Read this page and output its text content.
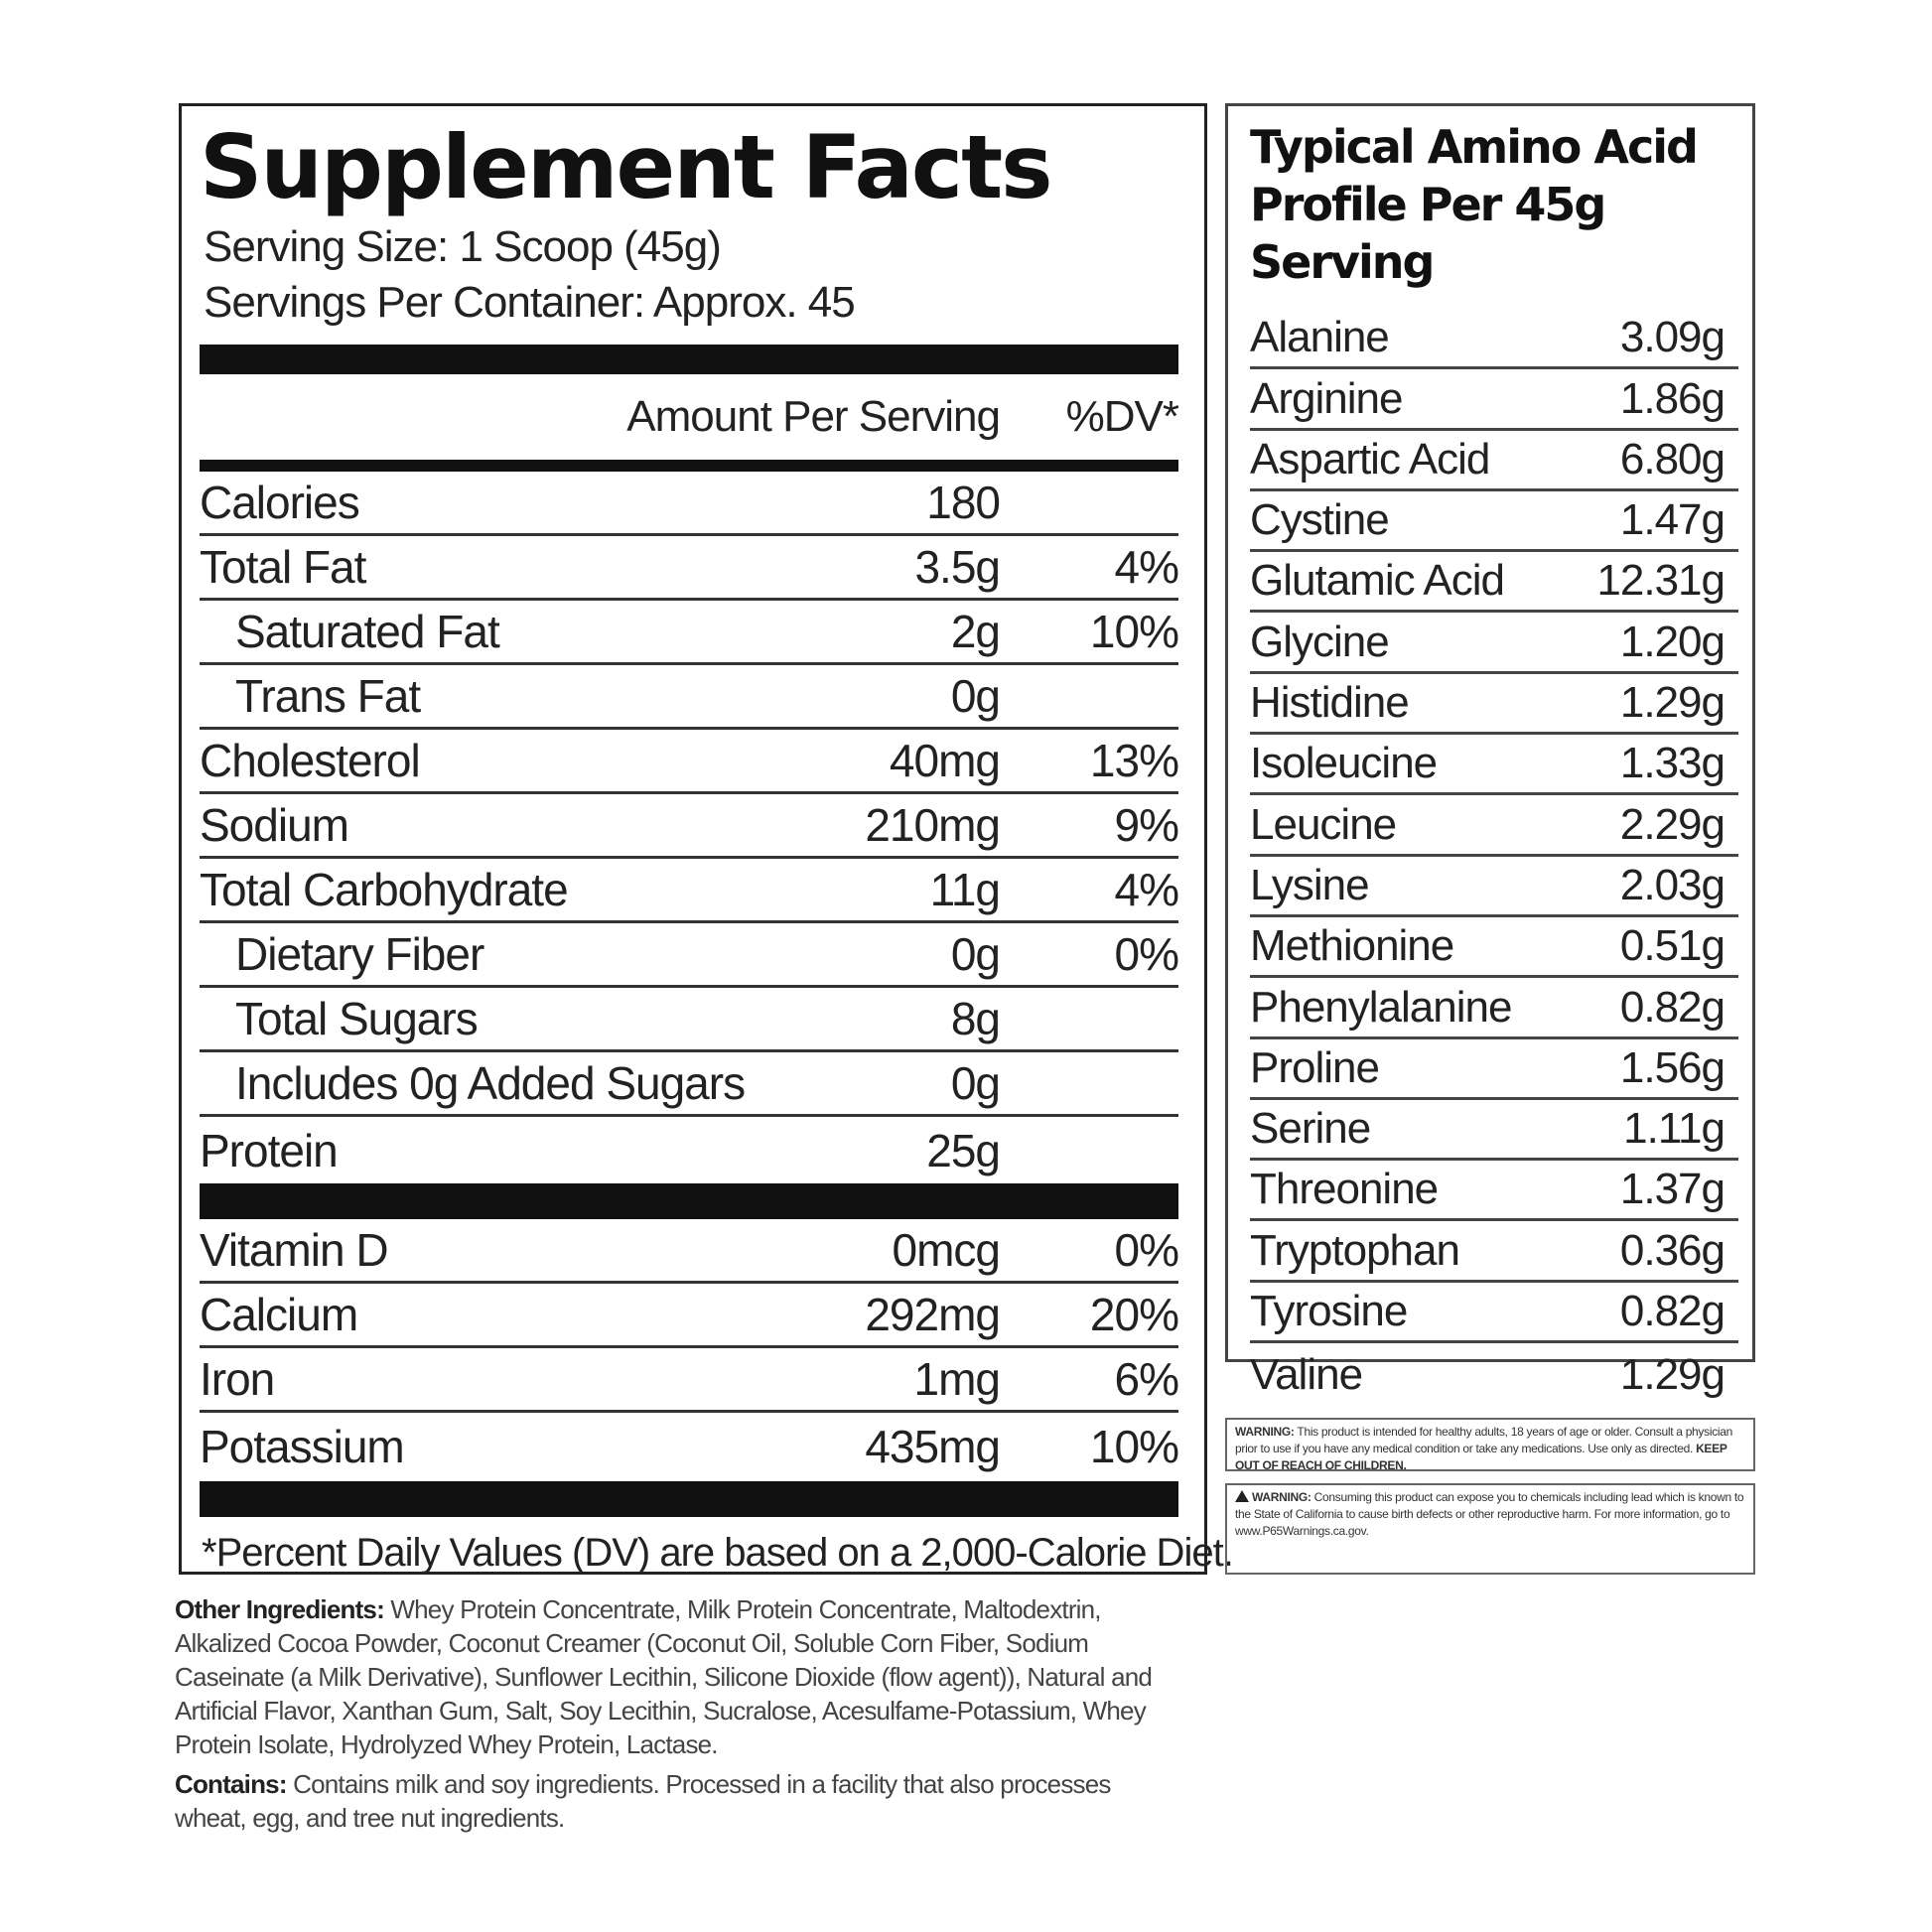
Supplement Facts
Serving Size: 1 Scoop (45g)
Servings Per Container: Approx. 45
Amount Per Serving	%DV*
Calories	180
Total Fat	3.5g	4%
Saturated Fat	2g	10%
Trans Fat	0g
Cholesterol	40mg	13%
Sodium	210mg	9%
Total Carbohydrate	11g	4%
Dietary Fiber	0g	0%
Total Sugars	8g
Includes 0g Added Sugars	0g
Protein	25g
Vitamin D	0mcg	0%
Calcium	292mg	20%
Iron	1mg	6%
Potassium	435mg	10%
*Percent Daily Values (DV) are based on a 2,000-Calorie Diet.
Typical Amino Acid
Profile Per 45g Serving
Alanine	3.09g
Arginine	1.86g
Aspartic Acid	6.80g
Cystine	1.47g
Glutamic Acid 12.31g
Glycine	1.20g
Histidine	1.29g
Isoleucine	1.33g
Leucine	2.29g
Lysine	2.03g
Methionine	0.51g
Phenylalanine 0.82g
Proline	1.56g
Serine	1.11g
Threonine	1.37g
Tryptophan	0.36g
Tyrosine	0.82g
Valine	1.29g
WARNING: This product is intended for healthy adults, 18 years of age or older. Consult a physician prior to use if you have any medical condition or take any medications. Use only as directed. KEEP OUT OF REACH OF CHILDREN.
WARNING: Consuming this product can expose you to chemicals including lead which is known to the State of California to cause birth defects or other reproductive harm. For more information, go to www.P65Warnings.ca.gov.
Other Ingredients: Whey Protein Concentrate, Milk Protein Concentrate, Maltodextrin, Alkalized Cocoa Powder, Coconut Creamer (Coconut Oil, Soluble Corn Fiber, Sodium Caseinate (a Milk Derivative), Sunflower Lecithin, Silicone Dioxide (flow agent)), Natural and Artificial Flavor, Xanthan Gum, Salt, Soy Lecithin, Sucralose, Acesulfame-Potassium, Whey Protein Isolate, Hydrolyzed Whey Protein, Lactase.
Contains: Contains milk and soy ingredients. Processed in a facility that also processes wheat, egg, and tree nut ingredients.
